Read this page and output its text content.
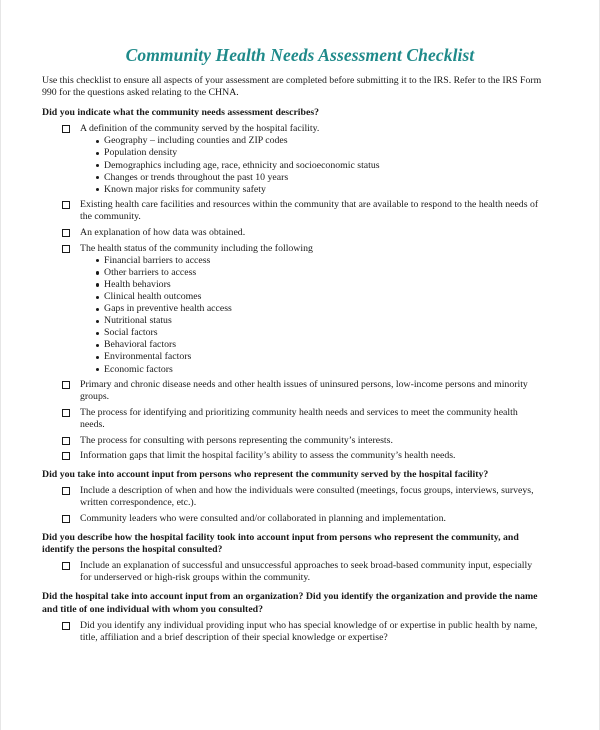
Community Health Needs Assessment Checklist

Use this checklist to ensure all aspects of your assessment are completed before submitting it to the IRS. Refer to the IRS Form 990 for the questions asked relating to the CHNA.

Did you indicate what the community needs assessment describes?

A definition of the community served by the hospital facility.
Geography – including counties and ZIP codes
Population density
Demographics including age, race, ethnicity and socioeconomic status
Changes or trends throughout the past 10 years
Known major risks for community safety
Existing health care facilities and resources within the community that are available to respond to the health needs of the community.
An explanation of how data was obtained.
The health status of the community including the following
Financial barriers to access
Other barriers to access
Health behaviors
Clinical health outcomes
Gaps in preventive health access
Nutritional status
Social factors
Behavioral factors
Environmental factors
Economic factors
Primary and chronic disease needs and other health issues of uninsured persons, low-income persons and minority groups.
The process for identifying and prioritizing community health needs and services to meet the community health needs.
The process for consulting with persons representing the community’s interests.
Information gaps that limit the hospital facility’s ability to assess the community’s health needs.

Did you take into account input from persons who represent the community served by the hospital facility?

Include a description of when and how the individuals were consulted (meetings, focus groups, interviews, surveys, written correspondence, etc.).
Community leaders who were consulted and/or collaborated in planning and implementation.

Did you describe how the hospital facility took into account input from persons who represent the community, and identify the persons the hospital consulted?

Include an explanation of successful and unsuccessful approaches to seek broad-based community input, especially for underserved or high-risk groups within the community.

Did the hospital take into account input from an organization? Did you identify the organization and provide the name and title of one individual with whom you consulted?

Did you identify any individual providing input who has special knowledge of or expertise in public health by name, title, affiliation and a brief description of their special knowledge or expertise?
